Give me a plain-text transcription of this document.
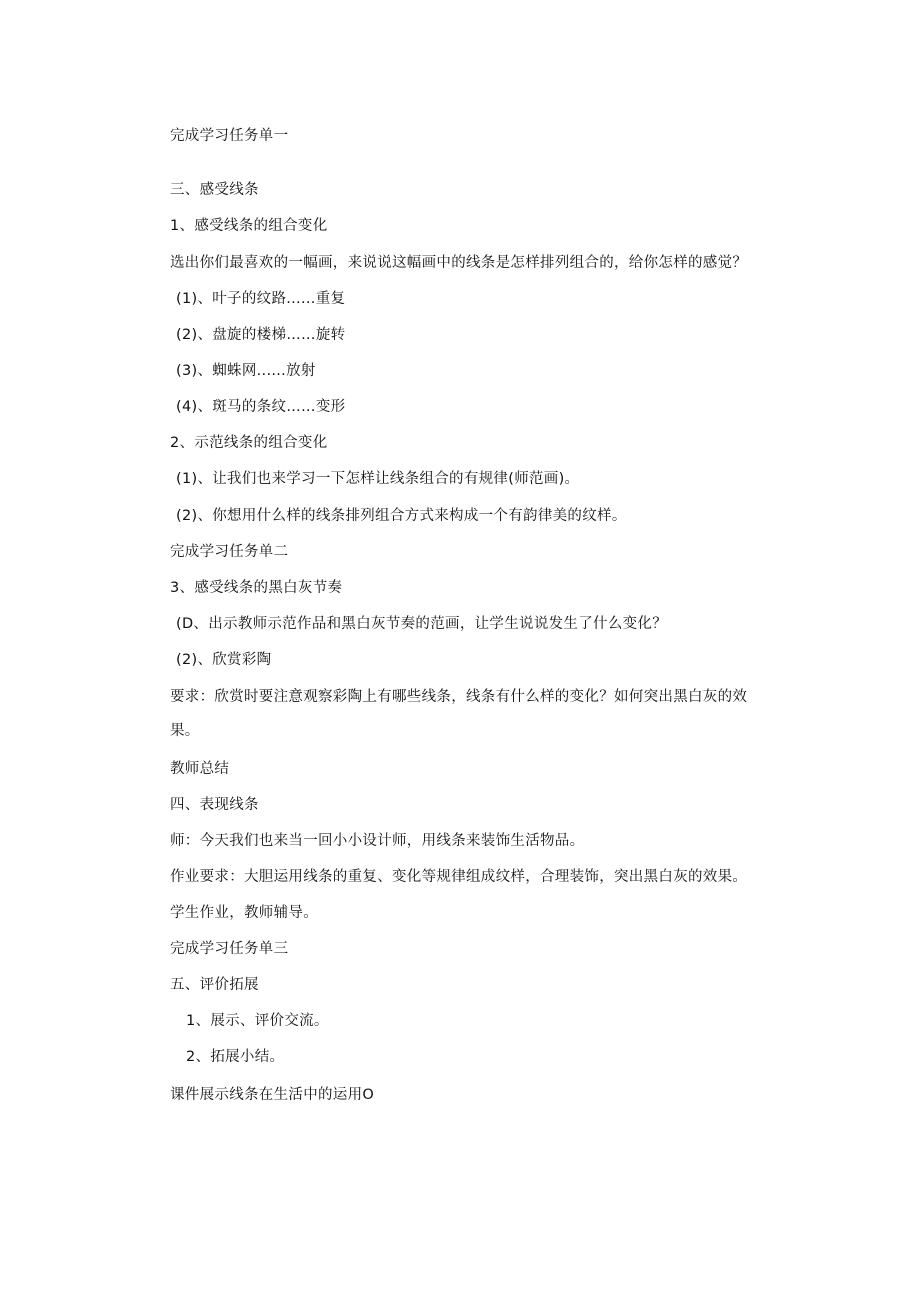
完成学习任务单一
三、感受线条
1、感受线条的组合变化
选出你们最喜欢的一幅画，来说说这幅画中的线条是怎样排列组合的，给你怎样的感觉？
(1)、叶子的纹路......重复
(2)、盘旋的楼梯……旋转
(3)、蜘蛛网......放射
(4)、斑马的条纹……变形
2、示范线条的组合变化
(1)、让我们也来学习一下怎样让线条组合的有规律(师范画)。
(2)、你想用什么样的线条排列组合方式来构成一个有韵律美的纹样。
完成学习任务单二
3、感受线条的黑白灰节奏
(D、出示教师示范作品和黑白灰节奏的范画，让学生说说发生了什么变化？
(2)、欣赏彩陶
要求：欣赏时要注意观察彩陶上有哪些线条，线条有什么样的变化？如何突出黑白灰的效
果。
教师总结
四、表现线条
师：今天我们也来当一回小小设计师，用线条来装饰生活物品。
作业要求：大胆运用线条的重复、变化等规律组成纹样，合理装饰，突出黑白灰的效果。
学生作业，教师辅导。
完成学习任务单三
五、评价拓展
1、展示、评价交流。
2、拓展小结。
课件展示线条在生活中的运用O
